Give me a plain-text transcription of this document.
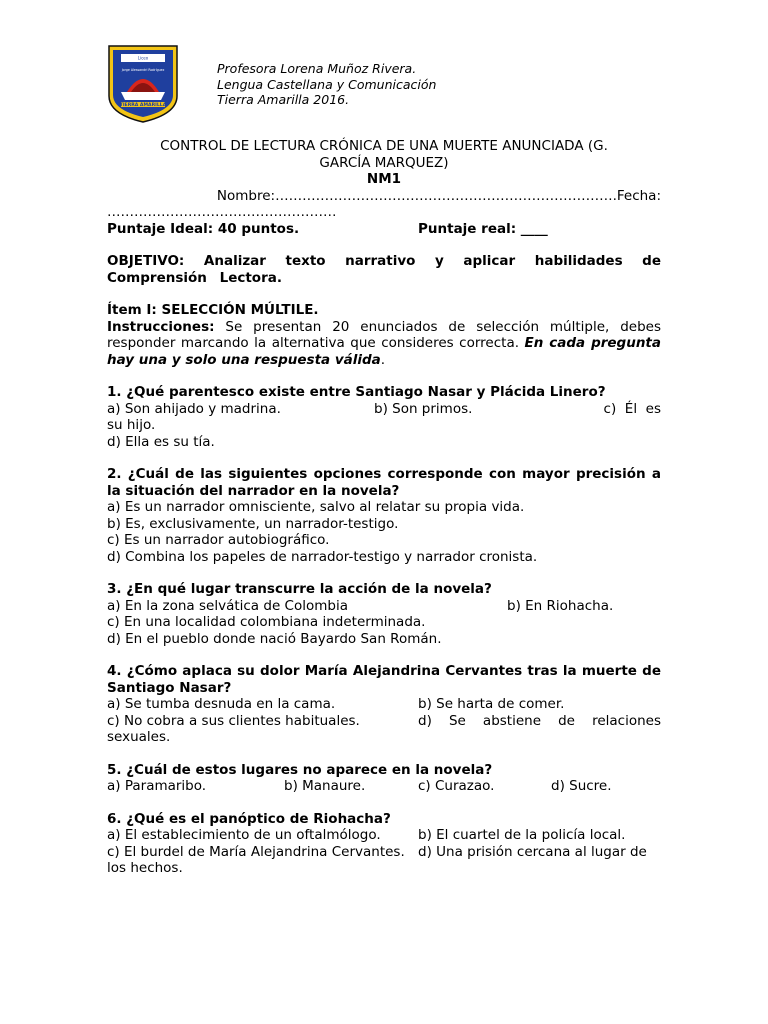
Liceo
Jorge Alessandri Rodríguez
TIERRA AMARILLA
Profesora Lorena Muñoz Rivera.
Lengua Castellana y Comunicación
Tierra Amarilla 2016.
CONTROL DE LECTURA CRÓNICA DE UNA MUERTE ANUNCIADA (G.
GARCÍA MARQUEZ)
NM1
Nombre:………………………………………………………………….Fecha:
……………………………………………
Puntaje Ideal: 40 puntos.	Puntaje real: ____
OBJETIVO: Analizar texto narrativo y aplicar habilidades de Comprensión Lectora.
Ítem I: SELECCIÓN MÚLTILE.
Instrucciones: Se presentan 20 enunciados de selección múltiple, debes responder marcando la alternativa que consideres correcta. En cada pregunta hay una y solo una respuesta válida.
1. ¿Qué parentesco existe entre Santiago Nasar y Plácida Linero?
a) Son ahijado y madrina.	b) Son primos.	c)  Él  es
su hijo.
d) Ella es su tía.
2. ¿Cuál de las siguientes opciones corresponde con mayor precisión a la situación del narrador en la novela?
a) Es un narrador omnisciente, salvo al relatar su propia vida.
b) Es, exclusivamente, un narrador-testigo.
c) Es un narrador autobiográfico.
d) Combina los papeles de narrador-testigo y narrador cronista.
3. ¿En qué lugar transcurre la acción de la novela?
a) En la zona selvática de Colombia	b) En Riohacha.
c) En una localidad colombiana indeterminada.
d) En el pueblo donde nació Bayardo San Román.
4. ¿Cómo aplaca su dolor María Alejandrina Cervantes tras la muerte de Santiago Nasar?
a) Se tumba desnuda en la cama.	b) Se harta de comer.
c) No cobra a sus clientes habituales.	d) Se abstiene de relaciones
sexuales.
5. ¿Cuál de estos lugares no aparece en la novela?
a) Paramaribo.	b) Manaure.	c) Curazao.	d) Sucre.
6. ¿Qué es el panóptico de Riohacha?
a) El establecimiento de un oftalmólogo.	b) El cuartel de la policía local.
c) El burdel de María Alejandrina Cervantes. d) Una prisión cercana al lugar de
los hechos.
